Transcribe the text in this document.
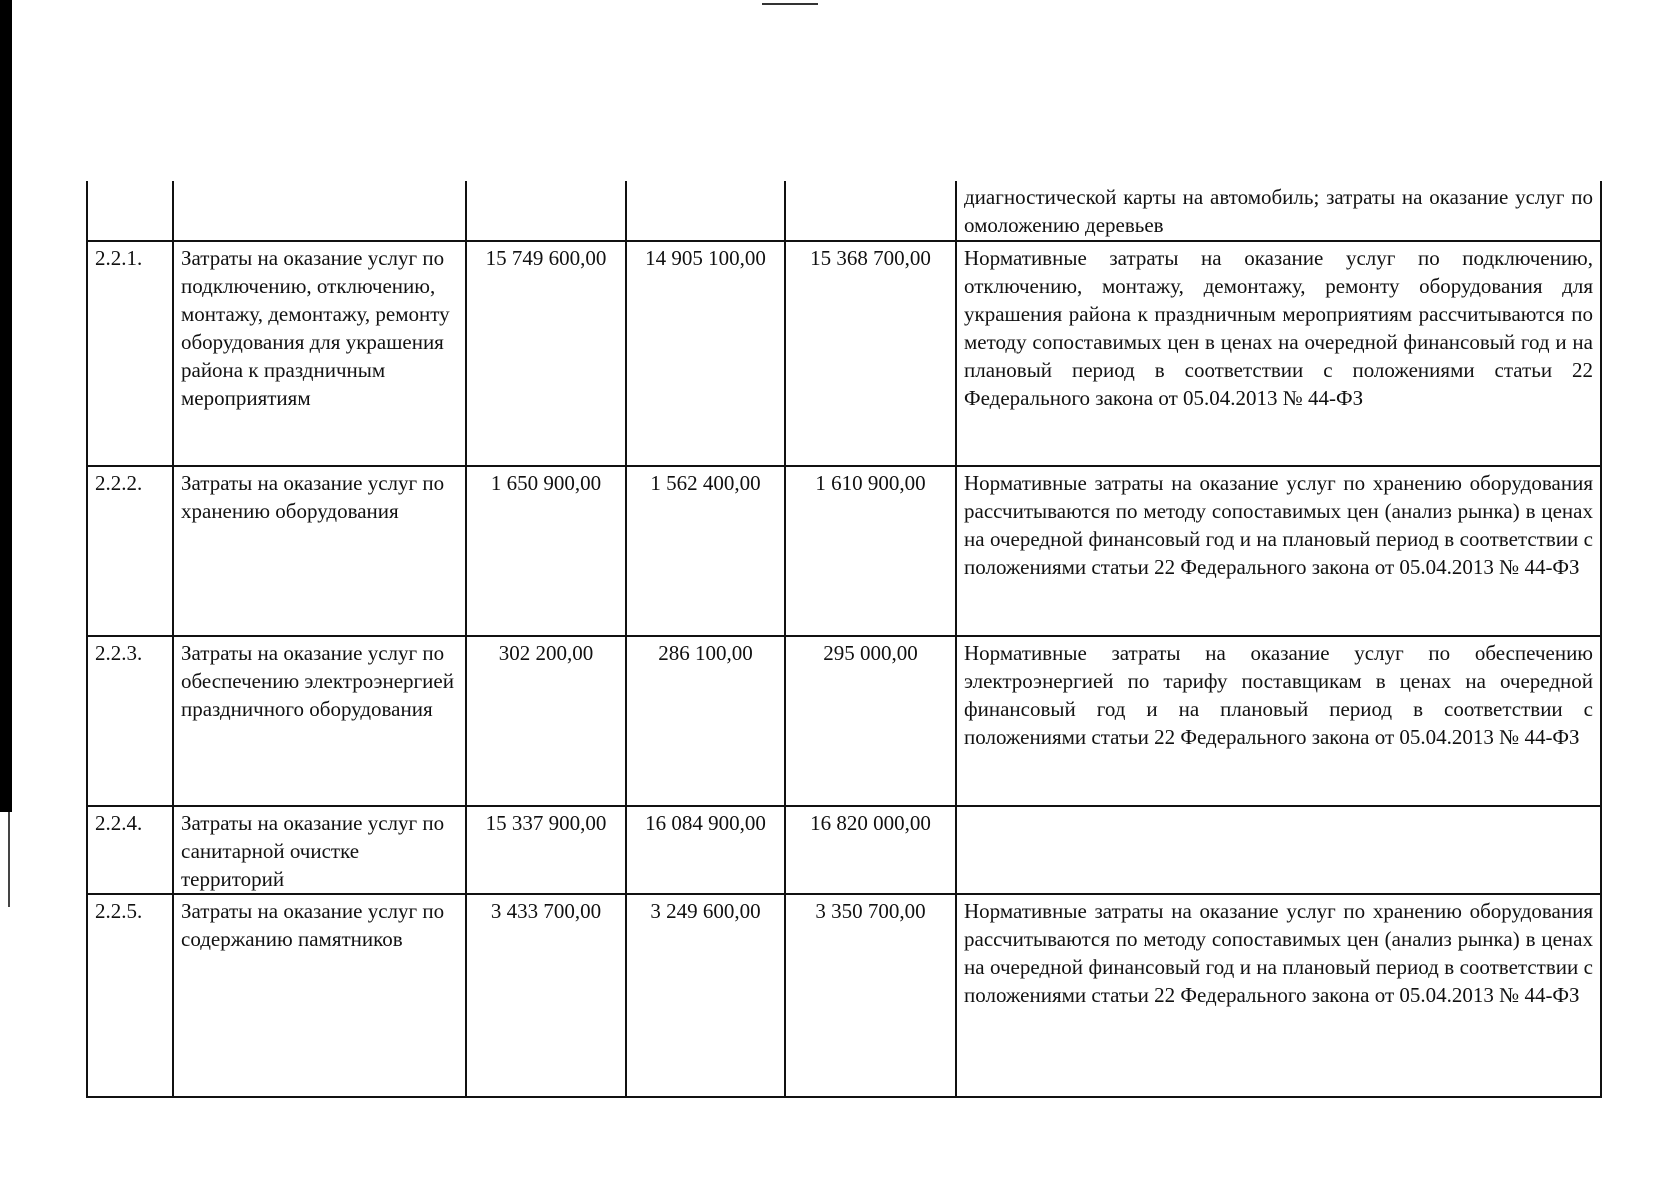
					диагностической карты на автомобиль; затраты на оказание услуг по омоложению деревьев
2.2.1.	Затраты на оказание услуг по подключению, отключению, монтажу, демонтажу, ремонту оборудования для украшения района к праздничным мероприятиям	15 749 600,00	14 905 100,00	15 368 700,00	Нормативные затраты на оказание услуг по подключению, отключению, монтажу, демонтажу, ремонту оборудования для украшения района к праздничным мероприятиям рассчитываются по методу сопоставимых цен в ценах на очередной финансовый год и на плановый период в соответствии с положениями статьи 22 Федерального закона от 05.04.2013 № 44-ФЗ
2.2.2.	Затраты на оказание услуг по хранению оборудования	1 650 900,00	1 562 400,00	1 610 900,00	Нормативные затраты на оказание услуг по хранению оборудования рассчитываются по методу сопоставимых цен (анализ рынка) в ценах на очередной финансовый год и на плановый период в соответствии с положениями статьи 22 Федерального закона от 05.04.2013 № 44-ФЗ
2.2.3.	Затраты на оказание услуг по обеспечению электроэнергией праздничного оборудования	302 200,00	286 100,00	295 000,00	Нормативные затраты на оказание услуг по обеспечению электроэнергией по тарифу поставщикам в ценах на очередной финансовый год и на плановый период в соответствии с положениями статьи 22 Федерального закона от 05.04.2013 № 44-ФЗ
2.2.4.	Затраты на оказание услуг по санитарной очистке территорий	15 337 900,00	16 084 900,00	16 820 000,00	
2.2.5.	Затраты на оказание услуг по содержанию памятников	3 433 700,00	3 249 600,00	3 350 700,00	Нормативные затраты на оказание услуг по хранению оборудования рассчитываются по методу сопоставимых цен (анализ рынка) в ценах на очередной финансовый год и на плановый период в соответствии с положениями статьи 22 Федерального закона от 05.04.2013 № 44-ФЗ
